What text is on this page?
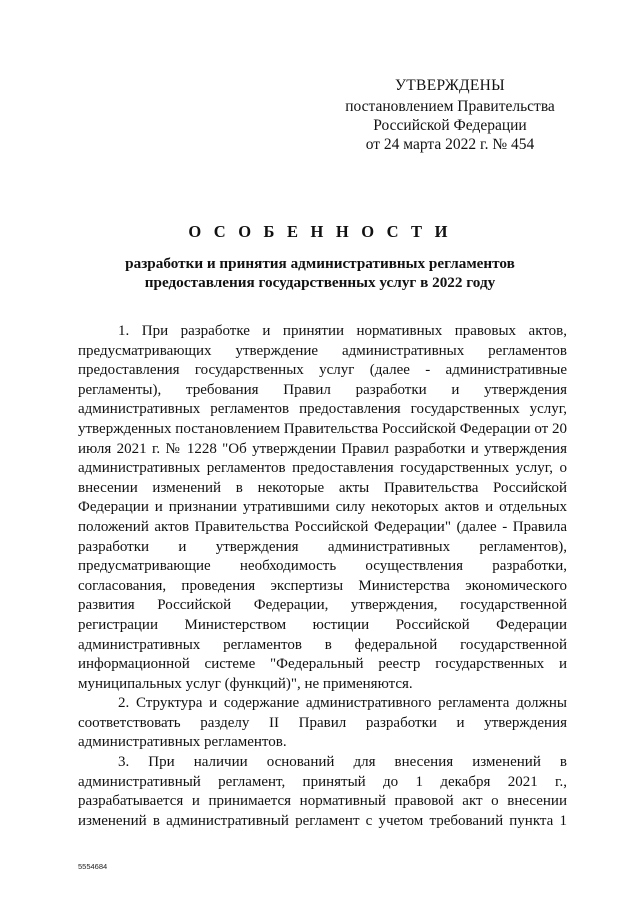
УТВЕРЖДЕНЫ
постановлением Правительства
Российской Федерации
от 24 марта 2022 г. № 454
О С О Б Е Н Н О С Т И
разработки и принятия административных регламентов
предоставления государственных услуг в 2022 году

1. При разработке и принятии нормативных правовых актов, предусматривающих утверждение административных регламентов предоставления государственных услуг (далее - административные регламенты), требования Правил разработки и утверждения административных регламентов предоставления государственных услуг, утвержденных постановлением Правительства Российской Федерации от 20 июля 2021 г. № 1228 "Об утверждении Правил разработки и утверждения административных регламентов предоставления государственных услуг, о внесении изменений в некоторые акты Правительства Российской Федерации и признании утратившими силу некоторых актов и отдельных положений актов Правительства Российской Федерации" (далее - Правила разработки и утверждения административных регламентов), предусматривающие необходимость осуществления разработки, согласования, проведения экспертизы Министерства экономического развития Российской Федерации, утверждения, государственной регистрации Министерством юстиции Российской Федерации административных регламентов в федеральной государственной информационной системе "Федеральный реестр государственных и муниципальных услуг (функций)", не применяются.

2. Структура и содержание административного регламента должны соответствовать разделу II Правил разработки и утверждения административных регламентов.

3. При наличии оснований для внесения изменений в административный регламент, принятый до 1 декабря 2021 г., разрабатывается и принимается нормативный правовой акт о внесении изменений в административный регламент с учетом требований пункта 1

5554684
